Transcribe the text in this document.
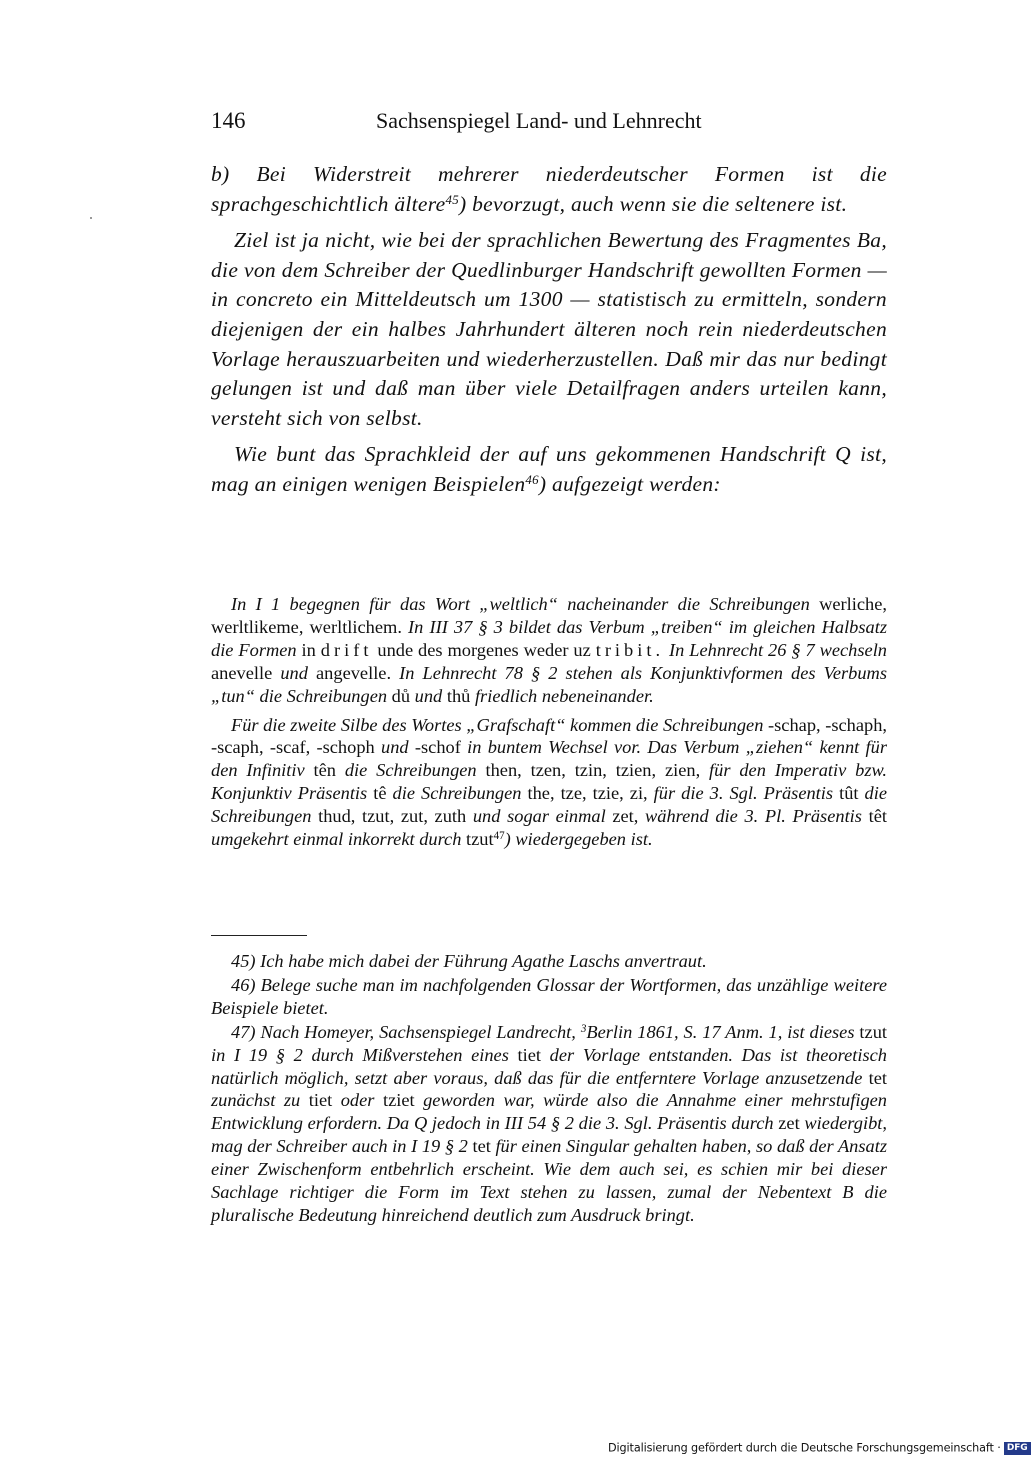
146	Sachsenspiegel Land- und Lehnrecht

b) Bei Widerstreit mehrerer niederdeutscher Formen ist die sprachgeschichtlich ältere$^{45}$) bevorzugt, auch wenn sie die seltenere ist.

Ziel ist ja nicht, wie bei der sprachlichen Bewertung des Fragmentes Ba, die von dem Schreiber der Quedlinburger Handschrift gewollten Formen — in concreto ein Mitteldeutsch um 1300 — statistisch zu ermitteln, sondern diejenigen der ein halbes Jahrhundert älteren noch rein niederdeutschen Vorlage herauszuarbeiten und wiederherzustellen. Daß mir das nur bedingt gelungen ist und daß man über viele Detailfragen anders urteilen kann, versteht sich von selbst.

Wie bunt das Sprachkleid der auf uns gekommenen Handschrift Q ist, mag an einigen wenigen Beispielen$^{46}$) aufgezeigt werden:

In I 1 begegnen für das Wort „weltlich“ nacheinander die Schreibungen werliche, werltlikeme, werltlichem. In III 37 § 3 bildet das Verbum „treiben“ im gleichen Halbsatz die Formen in drift unde des morgenes weder uz tribit. In Lehnrecht 26 § 7 wechseln anevelle und angevelle. In Lehnrecht 78 § 2 stehen als Konjunktivformen des Verbums „tun“ die Schreibungen dů und thů friedlich nebeneinander.

Für die zweite Silbe des Wortes „Grafschaft“ kommen die Schreibungen -schap, -schaph, -scaph, -scaf, -schoph und -schof in buntem Wechsel vor. Das Verbum „ziehen“ kennt für den Infinitiv tên die Schreibungen then, tzen, tzin, tzien, zien, für den Imperativ bzw. Konjunktiv Präsentis tê die Schreibungen the, tze, tzie, zi, für die 3. Sgl. Präsentis tût die Schreibungen thud, tzut, zut, zuth und sogar einmal zet, während die 3. Pl. Präsentis têt umgekehrt einmal inkorrekt durch tzut$^{47}$) wiedergegeben ist.

45) Ich habe mich dabei der Führung Agathe Laschs anvertraut.

46) Belege suche man im nachfolgenden Glossar der Wortformen, das unzählige weitere Beispiele bietet.

47) Nach Homeyer, Sachsenspiegel Landrecht, $^3$Berlin 1861, S. 17 Anm. 1, ist dieses tzut in I 19 § 2 durch Mißverstehen eines tiet der Vorlage entstanden. Das ist theoretisch natürlich möglich, setzt aber voraus, daß das für die entferntere Vorlage anzusetzende tet zunächst zu tiet oder tziet geworden war, würde also die Annahme einer mehrstufigen Entwicklung erfordern. Da Q jedoch in III 54 § 2 die 3. Sgl. Präsentis durch zet wiedergibt, mag der Schreiber auch in I 19 § 2 tet für einen Singular gehalten haben, so daß der Ansatz einer Zwischenform entbehrlich erscheint. Wie dem auch sei, es schien mir bei dieser Sachlage richtiger die Form im Text stehen zu lassen, zumal der Nebentext B die pluralische Bedeutung hinreichend deutlich zum Ausdruck bringt.

Digitalisierung gefördert durch die Deutsche Forschungsgemeinschaft · DFG
